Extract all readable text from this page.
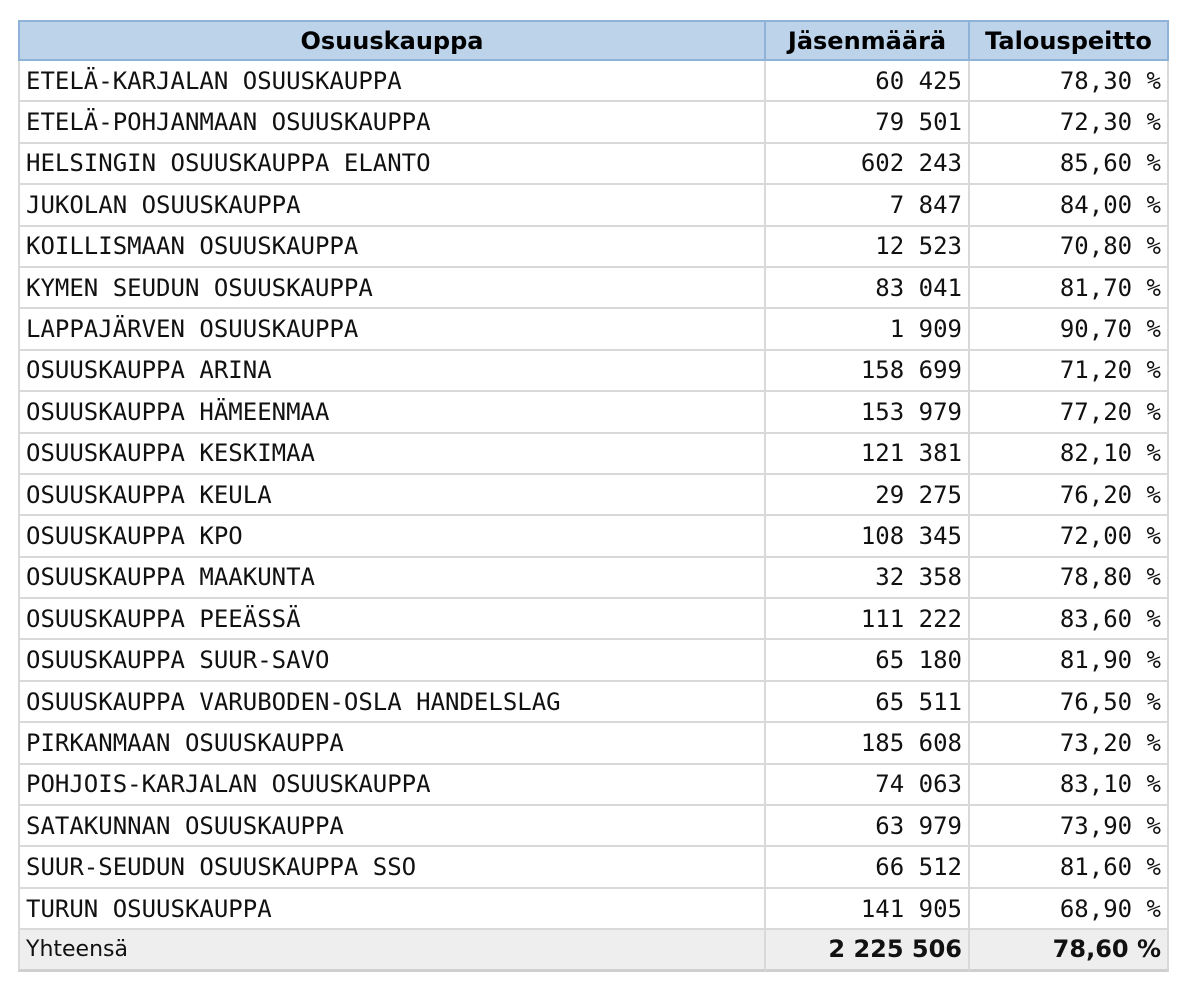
Osuuskauppa	Jäsenmäärä	Talouspeitto
ETELÄ-KARJALAN OSUUSKAUPPA	60 425	78,30 %
ETELÄ-POHJANMAAN OSUUSKAUPPA	79 501	72,30 %
HELSINGIN OSUUSKAUPPA ELANTO	602 243	85,60 %
JUKOLAN OSUUSKAUPPA	7 847	84,00 %
KOILLISMAAN OSUUSKAUPPA	12 523	70,80 %
KYMEN SEUDUN OSUUSKAUPPA	83 041	81,70 %
LAPPAJÄRVEN OSUUSKAUPPA	1 909	90,70 %
OSUUSKAUPPA ARINA	158 699	71,20 %
OSUUSKAUPPA HÄMEENMAA	153 979	77,20 %
OSUUSKAUPPA KESKIMAA	121 381	82,10 %
OSUUSKAUPPA KEULA	29 275	76,20 %
OSUUSKAUPPA KPO	108 345	72,00 %
OSUUSKAUPPA MAAKUNTA	32 358	78,80 %
OSUUSKAUPPA PEEÄSSÄ	111 222	83,60 %
OSUUSKAUPPA SUUR-SAVO	65 180	81,90 %
OSUUSKAUPPA VARUBODEN-OSLA HANDELSLAG	65 511	76,50 %
PIRKANMAAN OSUUSKAUPPA	185 608	73,20 %
POHJOIS-KARJALAN OSUUSKAUPPA	74 063	83,10 %
SATAKUNNAN OSUUSKAUPPA	63 979	73,90 %
SUUR-SEUDUN OSUUSKAUPPA SSO	66 512	81,60 %
TURUN OSUUSKAUPPA	141 905	68,90 %
Yhteensä	2 225 506	78,60 %
